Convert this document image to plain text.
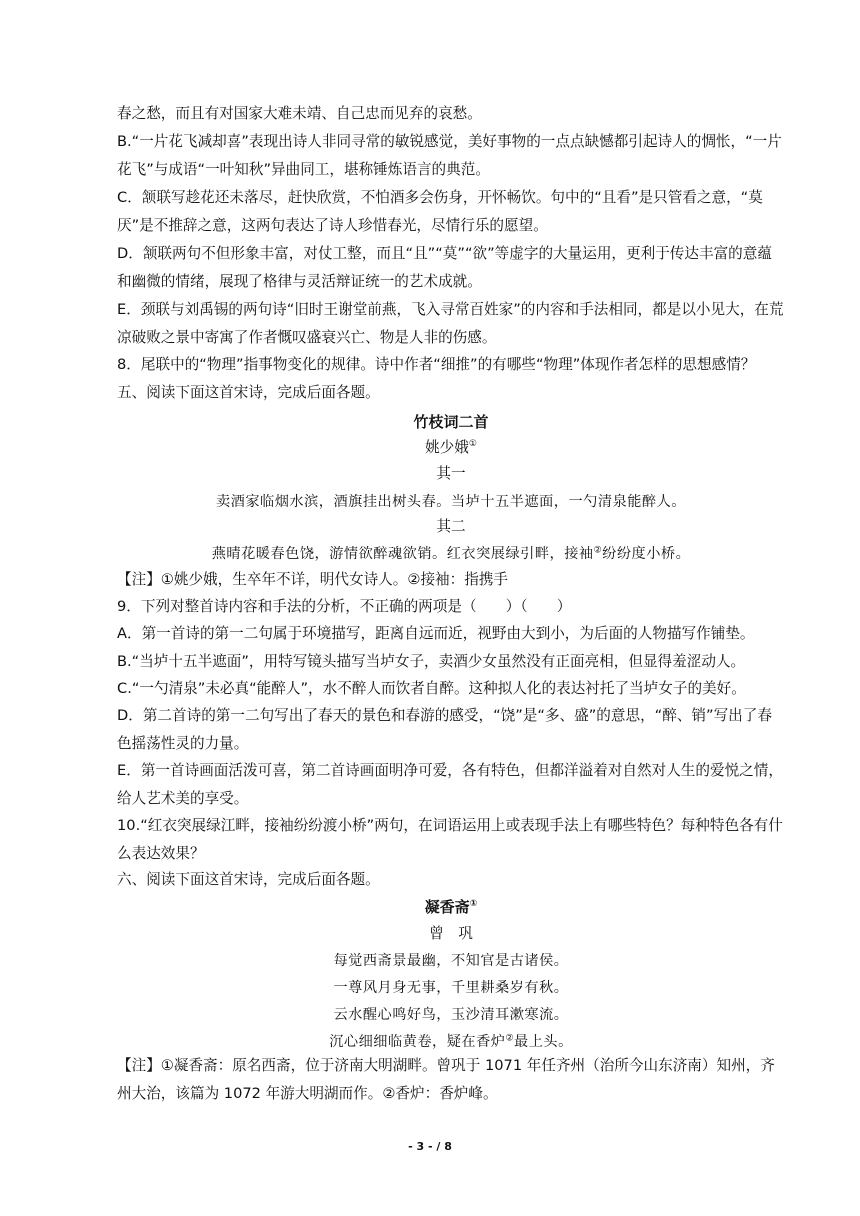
春之愁，而且有对国家大难未靖、自己忠而见弃的哀愁。

B.“一片花飞减却喜”表现出诗人非同寻常的敏锐感觉，美好事物的一点点缺憾都引起诗人的惆怅，“一片花飞”与成语“一叶知秋”异曲同工，堪称锤炼语言的典范。

C．颔联写趁花还未落尽，赶快欣赏，不怕酒多会伤身，开怀畅饮。句中的“且看”是只管看之意，“莫厌”是不推辞之意，这两句表达了诗人珍惜春光，尽情行乐的愿望。

D．颔联两句不但形象丰富，对仗工整，而且“且”“莫”“欲”等虚字的大量运用，更利于传达丰富的意蕴和幽微的情绪，展现了格律与灵活辩证统一的艺术成就。

E．颈联与刘禹锡的两句诗“旧时王谢堂前燕，飞入寻常百姓家”的内容和手法相同，都是以小见大，在荒凉破败之景中寄寓了作者慨叹盛衰兴亡、物是人非的伤感。

8．尾联中的“物理”指事物变化的规律。诗中作者“细推”的有哪些“物理”体现作者怎样的思想感情？

五、阅读下面这首宋诗，完成后面各题。

竹枝词二首

姚少娥①

其一

卖酒家临烟水滨，酒旗挂出树头春。当垆十五半遮面，一勺清泉能醉人。

其二

燕晴花暖春色饶，游情欲醉魂欲销。红衣突展绿引畔，接袖②纷纷度小桥。

【注】①姚少娥，生卒年不详，明代女诗人。②接袖：指携手

9．下列对整首诗内容和手法的分析，不正确的两项是（　　）（　　）

A．第一首诗的第一二句属于环境描写，距离自远而近，视野由大到小，为后面的人物描写作铺垫。

B.“当垆十五半遮面”，用特写镜头描写当垆女子，卖酒少女虽然没有正面亮相，但显得羞涩动人。

C.“一勺清泉”未必真“能醉人”，水不醉人而饮者自醉。这种拟人化的表达衬托了当垆女子的美好。

D．第二首诗的第一二句写出了春天的景色和春游的感受，“饶”是“多、盛”的意思，“醉、销”写出了春色摇荡性灵的力量。

E．第一首诗画面活泼可喜，第二首诗画面明净可爱，各有特色，但都洋溢着对自然对人生的爱悦之情，给人艺术美的享受。

10.“红衣突展绿江畔，接袖纷纷渡小桥”两句，在词语运用上或表现手法上有哪些特色？每种特色各有什么表达效果？

六、阅读下面这首宋诗，完成后面各题。

凝香斋①

曾　巩

每觉西斋景最幽，不知官是古诸侯。

一尊风月身无事，千里耕桑岁有秋。

云水醒心鸣好鸟，玉沙清耳漱寒流。

沉心细细临黄卷，疑在香炉②最上头。

【注】①凝香斋：原名西斋，位于济南大明湖畔。曾巩于 1071 年任齐州（治所今山东济南）知州，齐州大治，该篇为 1072 年游大明湖而作。②香炉：香炉峰。

- 3 - / 8
